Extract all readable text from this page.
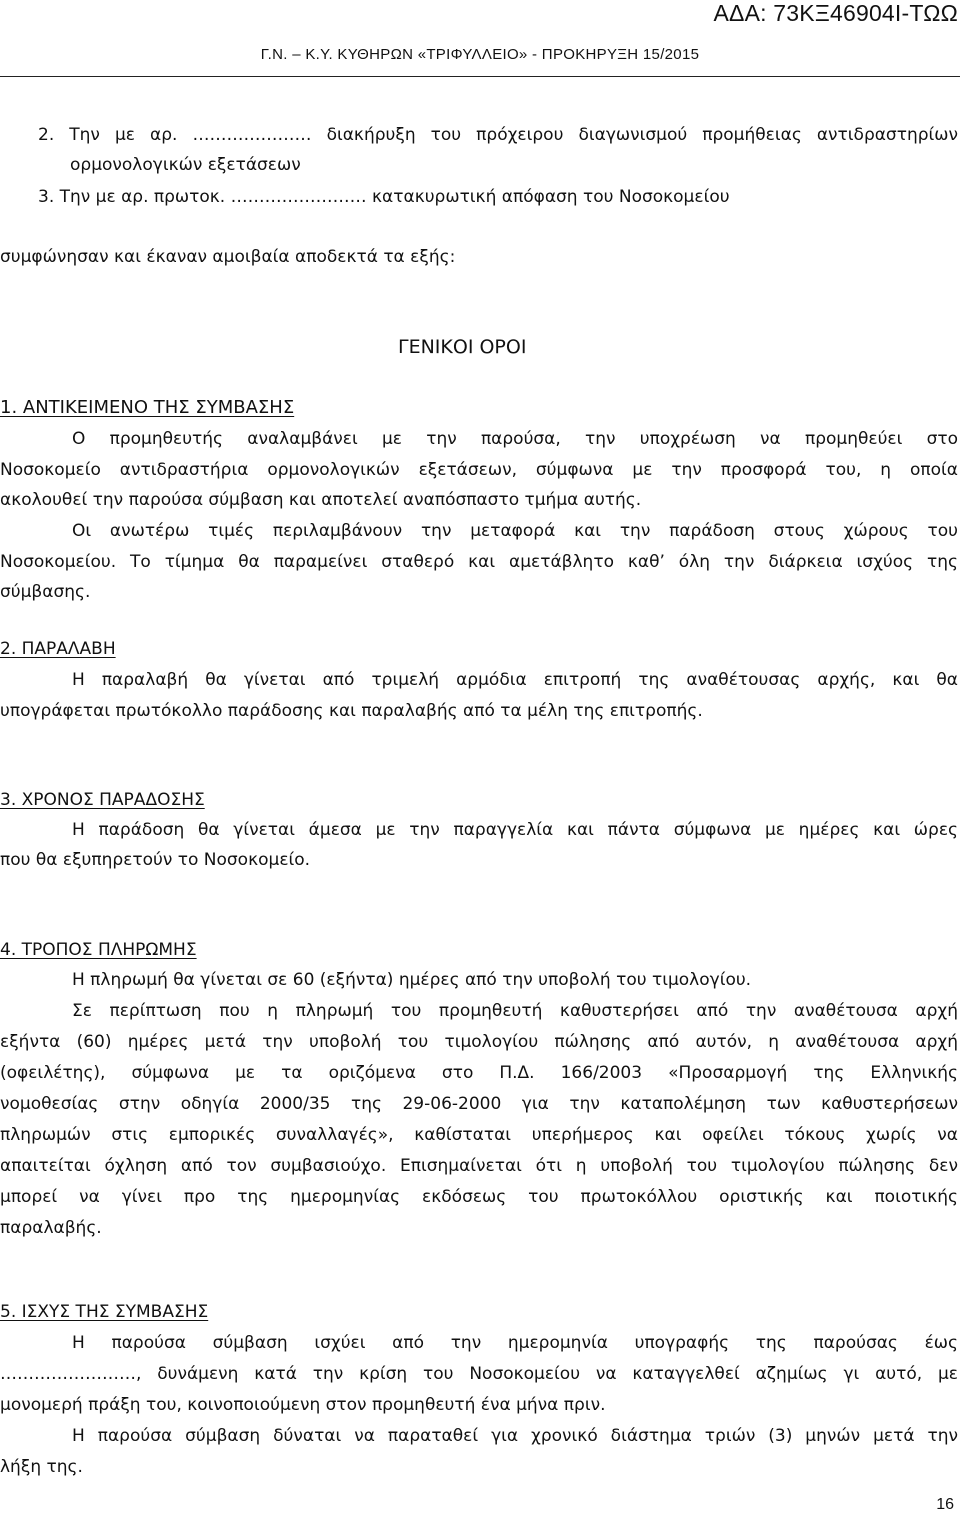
ΑΔΑ: 73ΚΞ46904Ι-ΤΩΩ
Γ.Ν. – Κ.Υ. ΚΥΘΗΡΩΝ «ΤΡΙΦΥΛΛΕΙΟ» - ΠΡΟΚΗΡΥΞΗ 15/2015
2. Την με αρ. ………………… διακήρυξη του πρόχειρου διαγωνισμού προμήθειας αντιδραστηρίων
ορμονολογικών εξετάσεων
3. Την με αρ. πρωτοκ. …………………… κατακυρωτική απόφαση του Νοσοκομείου
συμφώνησαν και έκαναν αμοιβαία αποδεκτά τα εξής:
ΓΕΝΙΚΟΙ ΟΡΟΙ
1. ΑΝΤΙΚΕΙΜΕΝΟ ΤΗΣ ΣΥΜΒΑΣΗΣ
Ο προμηθευτής αναλαμβάνει με την παρούσα, την υποχρέωση να προμηθεύει στο
Νοσοκομείο αντιδραστήρια ορμονολογικών εξετάσεων, σύμφωνα με την προσφορά του, η οποία
ακολουθεί την παρούσα σύμβαση και αποτελεί αναπόσπαστο τμήμα αυτής.
Οι ανωτέρω τιμές περιλαμβάνουν την μεταφορά και την παράδοση στους χώρους του
Νοσοκομείου. Το τίμημα θα παραμείνει σταθερό και αμετάβλητο καθ’ όλη την διάρκεια ισχύος της
σύμβασης.
2. ΠΑΡΑΛΑΒΗ
Η παραλαβή θα γίνεται από τριμελή αρμόδια επιτροπή της αναθέτουσας αρχής, και θα
υπογράφεται πρωτόκολλο παράδοσης και παραλαβής από τα μέλη της επιτροπής.
3. ΧΡΟΝΟΣ ΠΑΡΑΔΟΣΗΣ
Η παράδοση θα γίνεται άμεσα με την παραγγελία και πάντα σύμφωνα με ημέρες και ώρες
που θα εξυπηρετούν το Νοσοκομείο.
4. ΤΡΟΠΟΣ ΠΛΗΡΩΜΗΣ
Η πληρωμή θα γίνεται σε 60 (εξήντα) ημέρες από την υποβολή του τιμολογίου.
Σε περίπτωση που η πληρωμή του προμηθευτή καθυστερήσει από την αναθέτουσα αρχή
εξήντα (60) ημέρες μετά την υποβολή του τιμολογίου πώλησης από αυτόν, η αναθέτουσα αρχή
(οφειλέτης), σύμφωνα με τα οριζόμενα στο Π.Δ. 166/2003 «Προσαρμογή της Ελληνικής
νομοθεσίας στην οδηγία 2000/35 της 29-06-2000 για την καταπολέμηση των καθυστερήσεων
πληρωμών στις εμπορικές συναλλαγές», καθίσταται υπερήμερος και οφείλει τόκους χωρίς να
απαιτείται όχληση από τον συμβασιούχο. Επισημαίνεται ότι η υποβολή του τιμολογίου πώλησης δεν
μπορεί να γίνει προ της ημερομηνίας εκδόσεως του πρωτοκόλλου οριστικής και ποιοτικής
παραλαβής.
5. ΙΣΧΥΣ ΤΗΣ ΣΥΜΒΑΣΗΣ
Η παρούσα σύμβαση ισχύει από την ημερομηνία υπογραφής της παρούσας έως
……………………, δυνάμενη κατά την κρίση του Νοσοκομείου να καταγγελθεί αζημίως γι αυτό, με
μονομερή πράξη του, κοινοποιούμενη στον προμηθευτή ένα μήνα πριν.
Η παρούσα σύμβαση δύναται να παραταθεί για χρονικό διάστημα τριών (3) μηνών μετά την
λήξη της.
16
